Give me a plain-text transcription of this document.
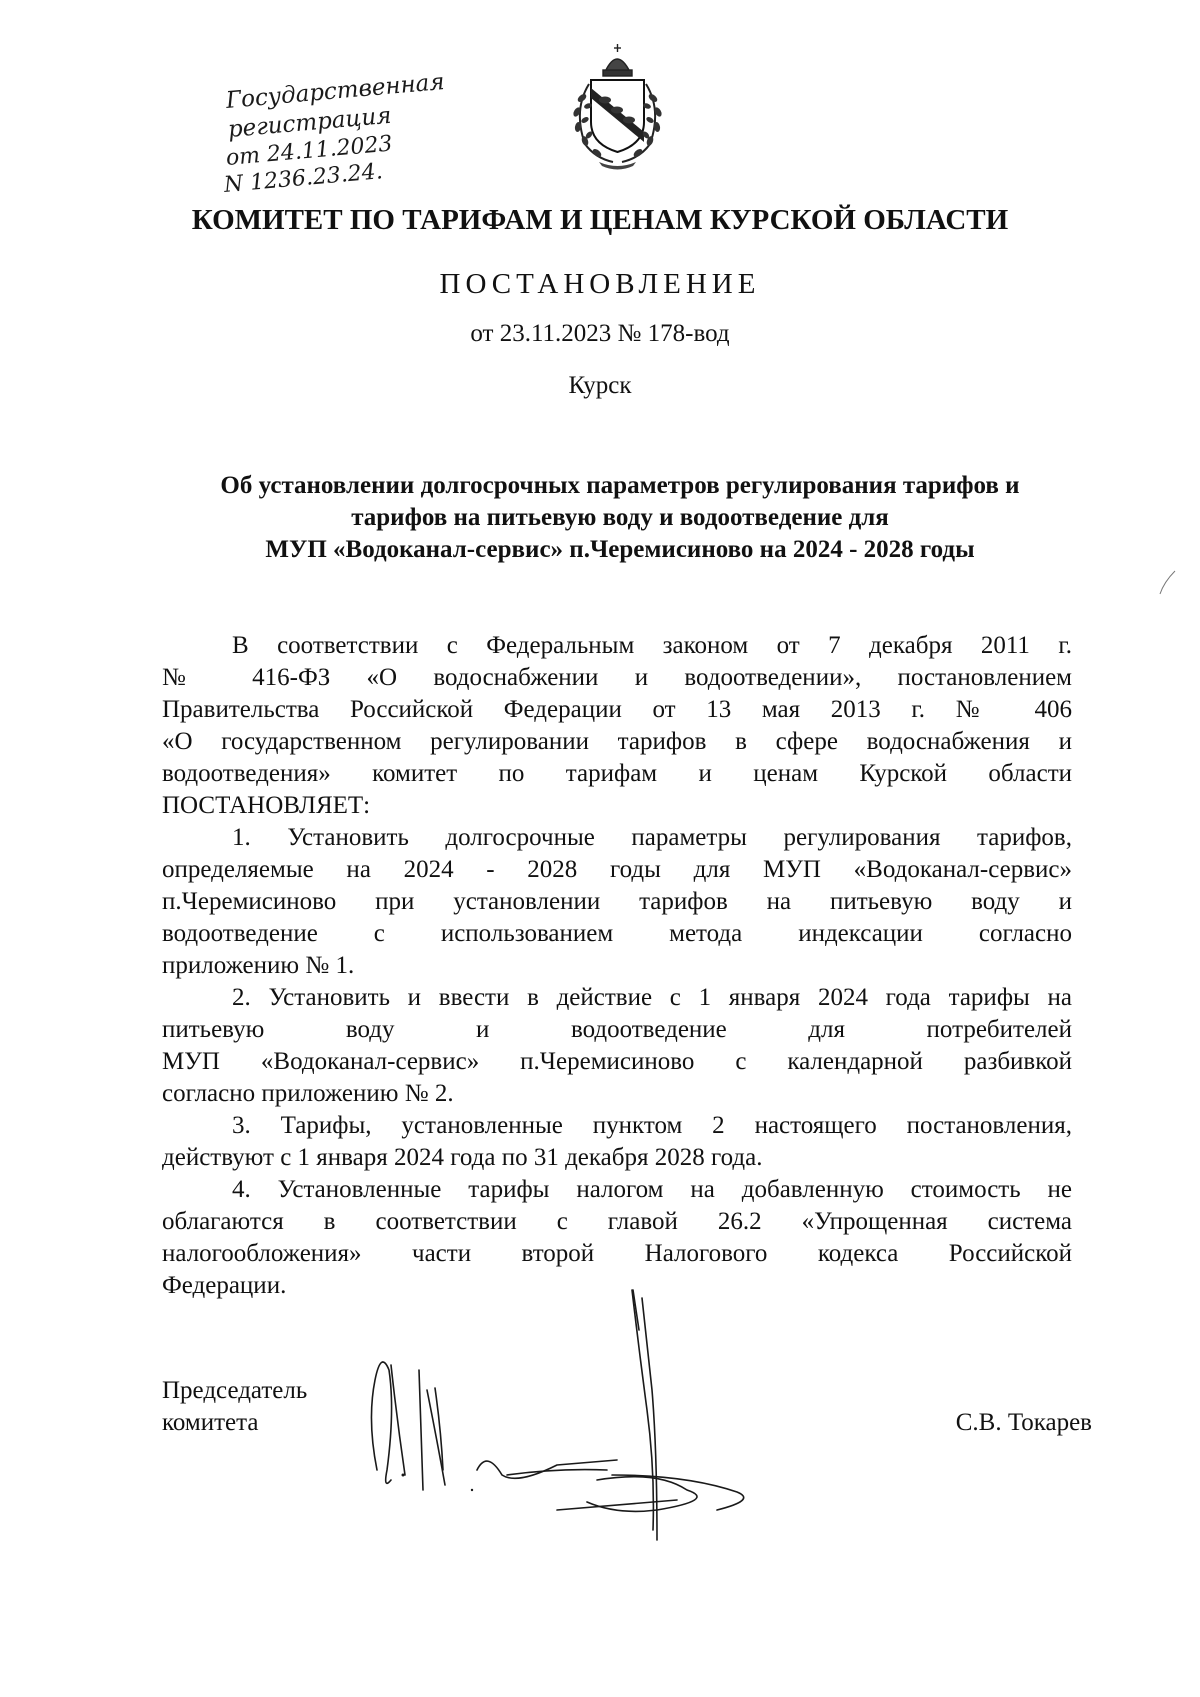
Государственная
регистрация
от 24.11.2023
N 1236.23.24.
КОМИТЕТ ПО ТАРИФАМ И ЦЕНАМ КУРСКОЙ ОБЛАСТИ
ПОСТАНОВЛЕНИЕ
от 23.11.2023 № 178-вод
Курск
Об установлении долгосрочных параметров регулирования тарифов и
тарифов на питьевую воду и водоотведение для
МУП «Водоканал-сервис» п.Черемисиново на 2024 - 2028 годы
В соответствии с Федеральным законом от 7 декабря 2011 г.
№ 416-ФЗ «О водоснабжении и водоотведении», постановлением
Правительства Российской Федерации от 13 мая 2013 г. № 406
«О государственном регулировании тарифов в сфере водоснабжения и
водоотведения» комитет по тарифам и ценам Курской области
ПОСТАНОВЛЯЕТ:
1. Установить долгосрочные параметры регулирования тарифов,
определяемые на 2024 - 2028 годы для МУП «Водоканал-сервис»
п.Черемисиново при установлении тарифов на питьевую воду и
водоотведение с использованием метода индексации согласно
приложению № 1.
2. Установить и ввести в действие с 1 января 2024 года тарифы на
питьевую воду и водоотведение для потребителей
МУП «Водоканал-сервис» п.Черемисиново с календарной разбивкой
согласно приложению № 2.
3. Тарифы, установленные пунктом 2 настоящего постановления,
действуют с 1 января 2024 года по 31 декабря 2028 года.
4. Установленные тарифы налогом на добавленную стоимость не
облагаются в соответствии с главой 26.2 «Упрощенная система
налогообложения» части второй Налогового кодекса Российской
Федерации.
Председатель
комитета	С.В. Токарев
